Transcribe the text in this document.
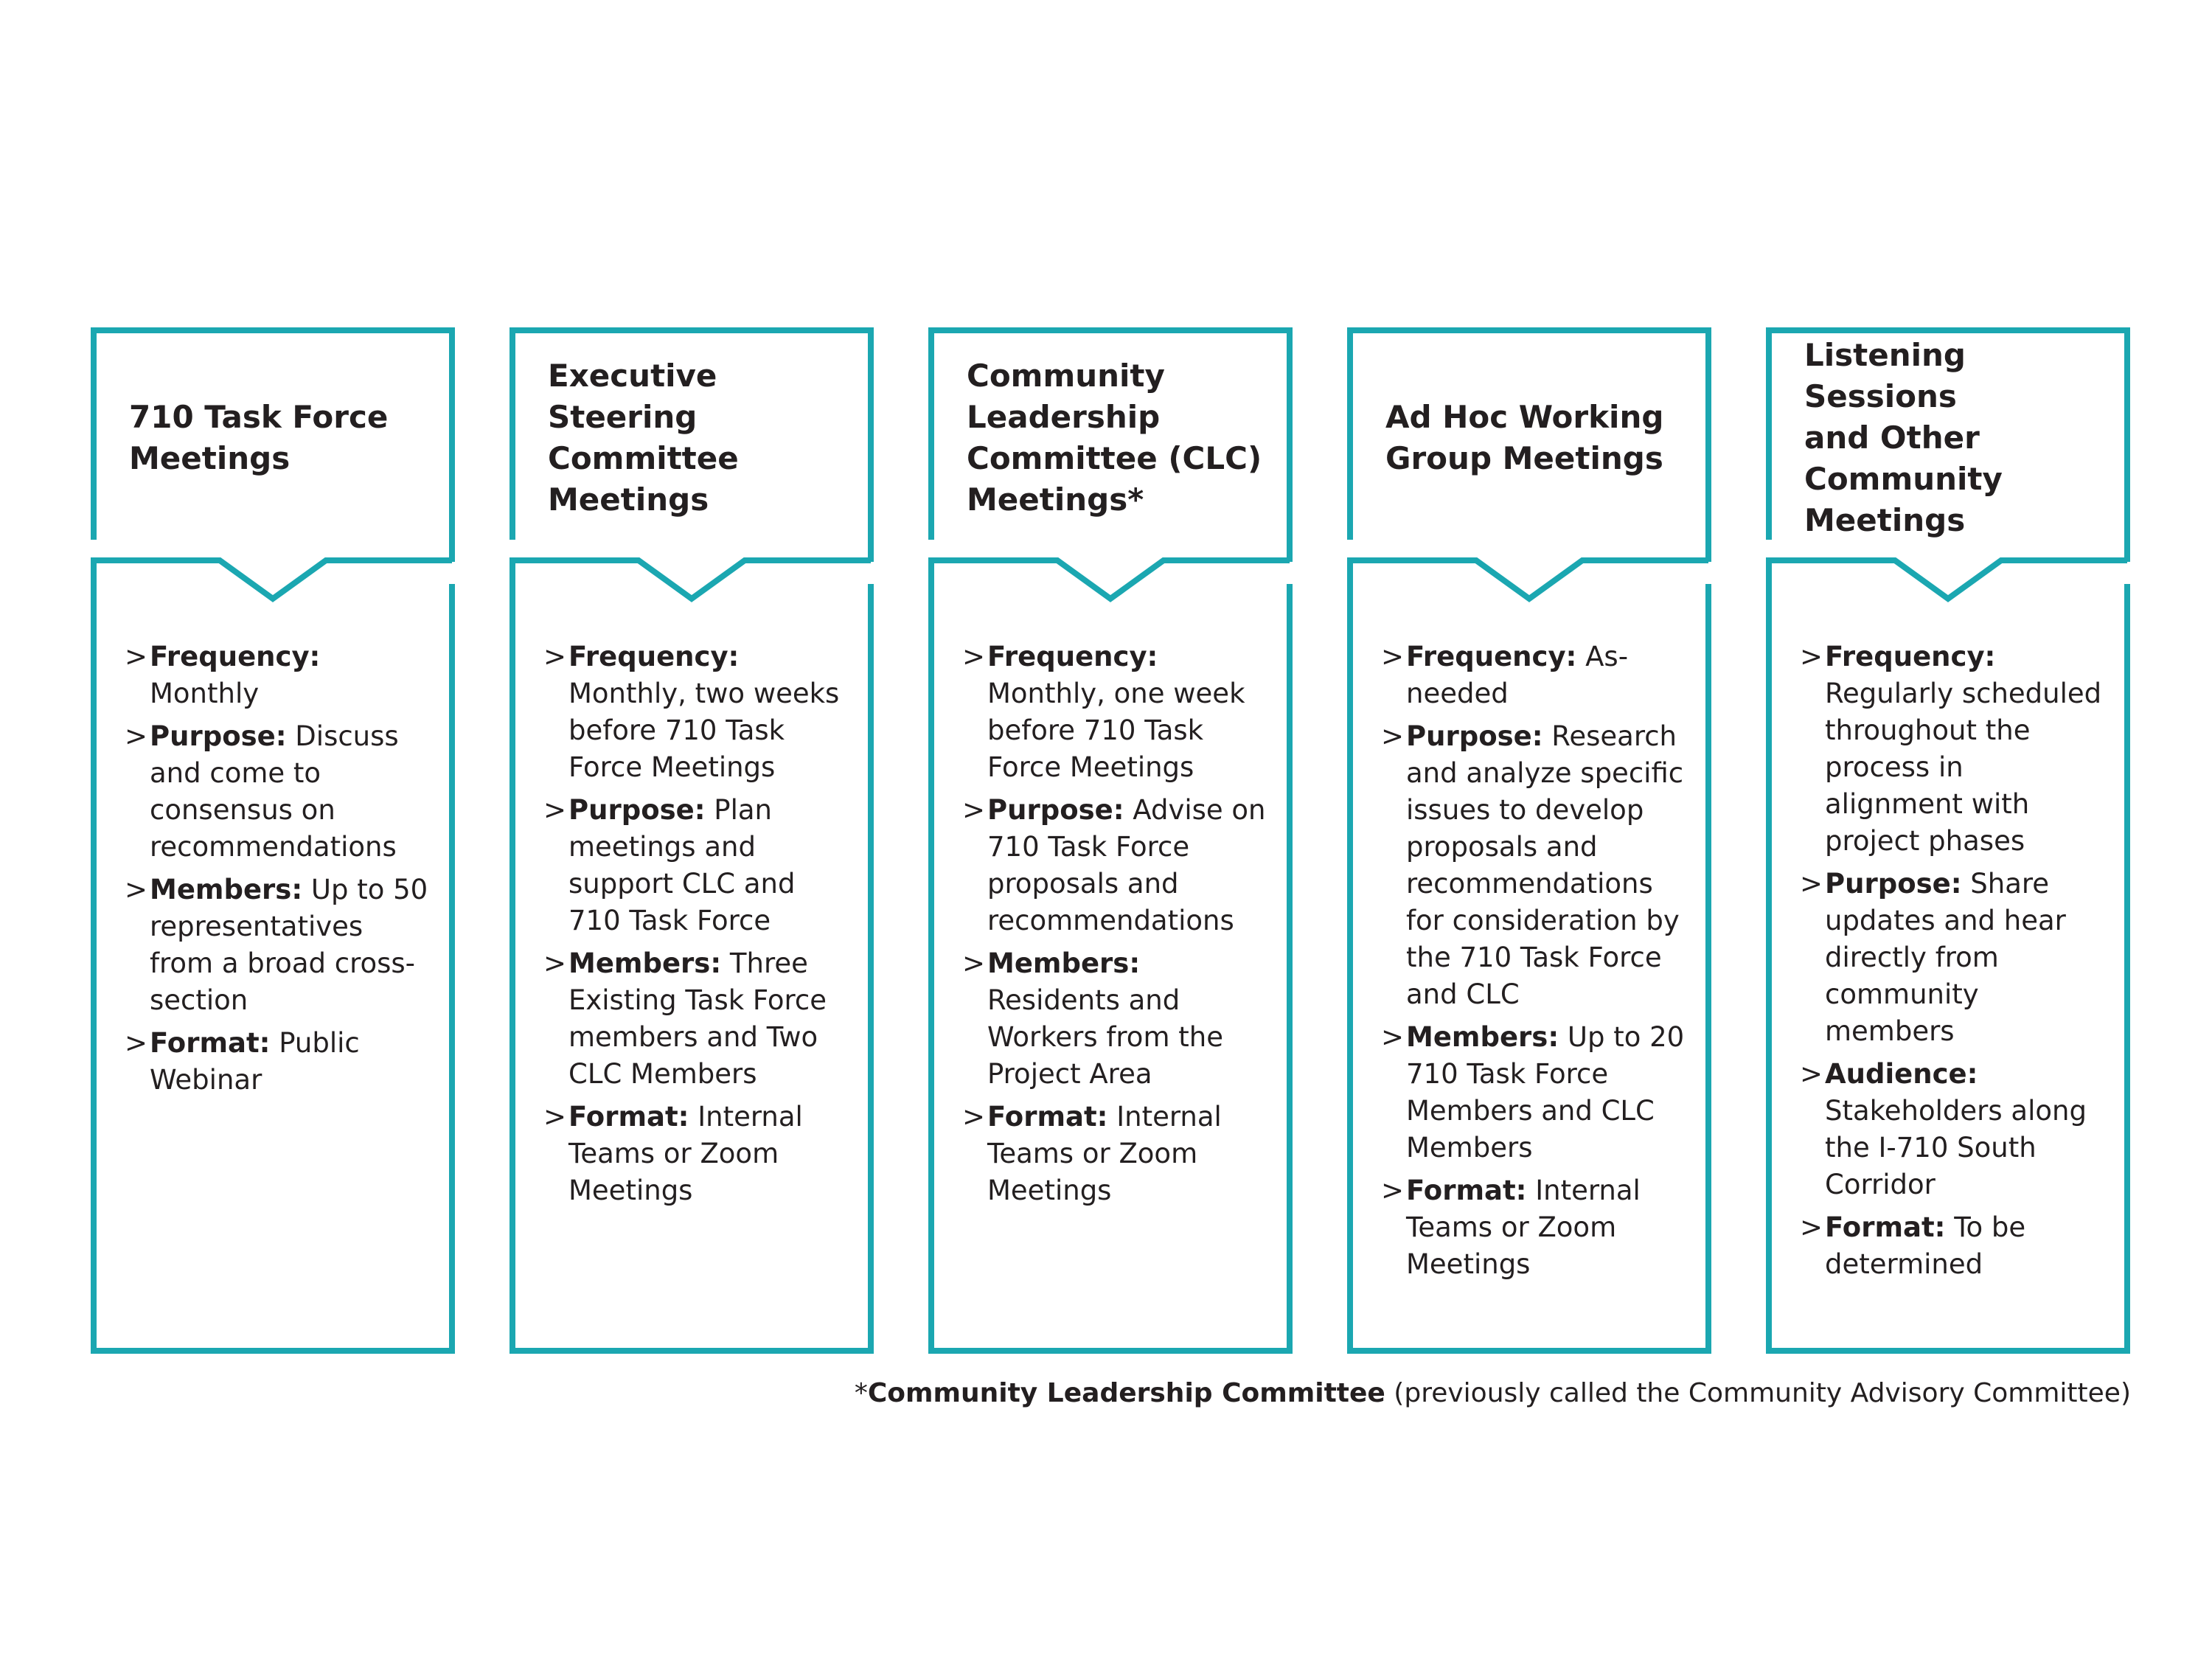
710 Task Force
Meetings

> Frequency: Monthly
> Purpose: Discuss and come to consensus on recommendations
> Members: Up to 50 representatives from a broad cross-section
> Format: Public Webinar

Executive Steering
Committee Meetings

> Frequency: Monthly, two weeks before 710 Task Force Meetings
> Purpose: Plan meetings and support CLC and 710 Task Force
> Members: Three Existing Task Force members and Two CLC Members
> Format: Internal Teams or Zoom Meetings

Community
Leadership
Committee (CLC)
Meetings*

> Frequency: Monthly, one week before 710 Task Force Meetings
> Purpose: Advise on 710 Task Force proposals and recommendations
> Members: Residents and Workers from the Project Area
> Format: Internal Teams or Zoom Meetings

Ad Hoc Working
Group Meetings

> Frequency: As-needed
> Purpose: Research and analyze specific issues to develop proposals and recommendations for consideration by the 710 Task Force and CLC
> Members: Up to 20 710 Task Force Members and CLC Members
> Format: Internal Teams or Zoom Meetings

Listening Sessions
and Other
Community Meetings

> Frequency: Regularly scheduled throughout the process in alignment with project phases
> Purpose: Share updates and hear directly from community members
> Audience: Stakeholders along the I-710 South Corridor
> Format: To be determined

*Community Leadership Committee (previously called the Community Advisory Committee)
